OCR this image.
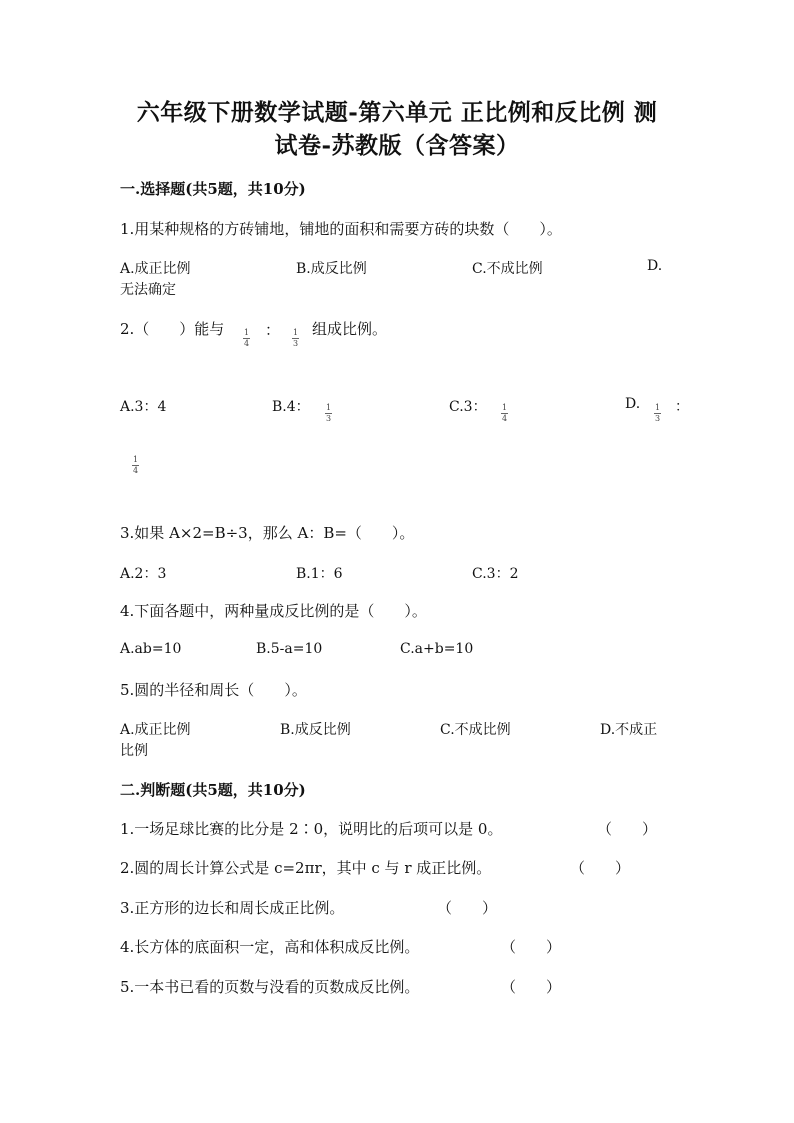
六年级下册数学试题-第六单元 正比例和反比例 测
试卷-苏教版（含答案）
一.选择题(共5题，共10分)
1.用某种规格的方砖铺地，铺地的面积和需要方砖的块数（　　）。
A.成正比例	B.成反比例	C.不成比例	D.
无法确定
2.（　　）能与 1
4
： 1
3
组成比例。
A.3：4	B.4： 1
3
C.3： 1
4
D. 1
3
：
1
4
3.如果 A×2=B÷3，那么 A：B=（　　）。
A.2：3	B.1：6	C.3：2
4.下面各题中，两种量成反比例的是（　　）。
A.ab=10	B.5-a=10	C.a+b=10
5.圆的半径和周长（　　）。
A.成正比例	B.成反比例	C.不成比例	D.不成正
比例
二.判断题(共5题，共10分)
1.一场足球比赛的比分是 2∶0，说明比的后项可以是 0。	（　　）
2.圆的周长计算公式是 c=2πr，其中 c 与 r 成正比例。	（　　）
3.正方形的边长和周长成正比例。	（　　）
4.长方体的底面积一定，高和体积成反比例。	（　　）
5.一本书已看的页数与没看的页数成反比例。	（　　）
